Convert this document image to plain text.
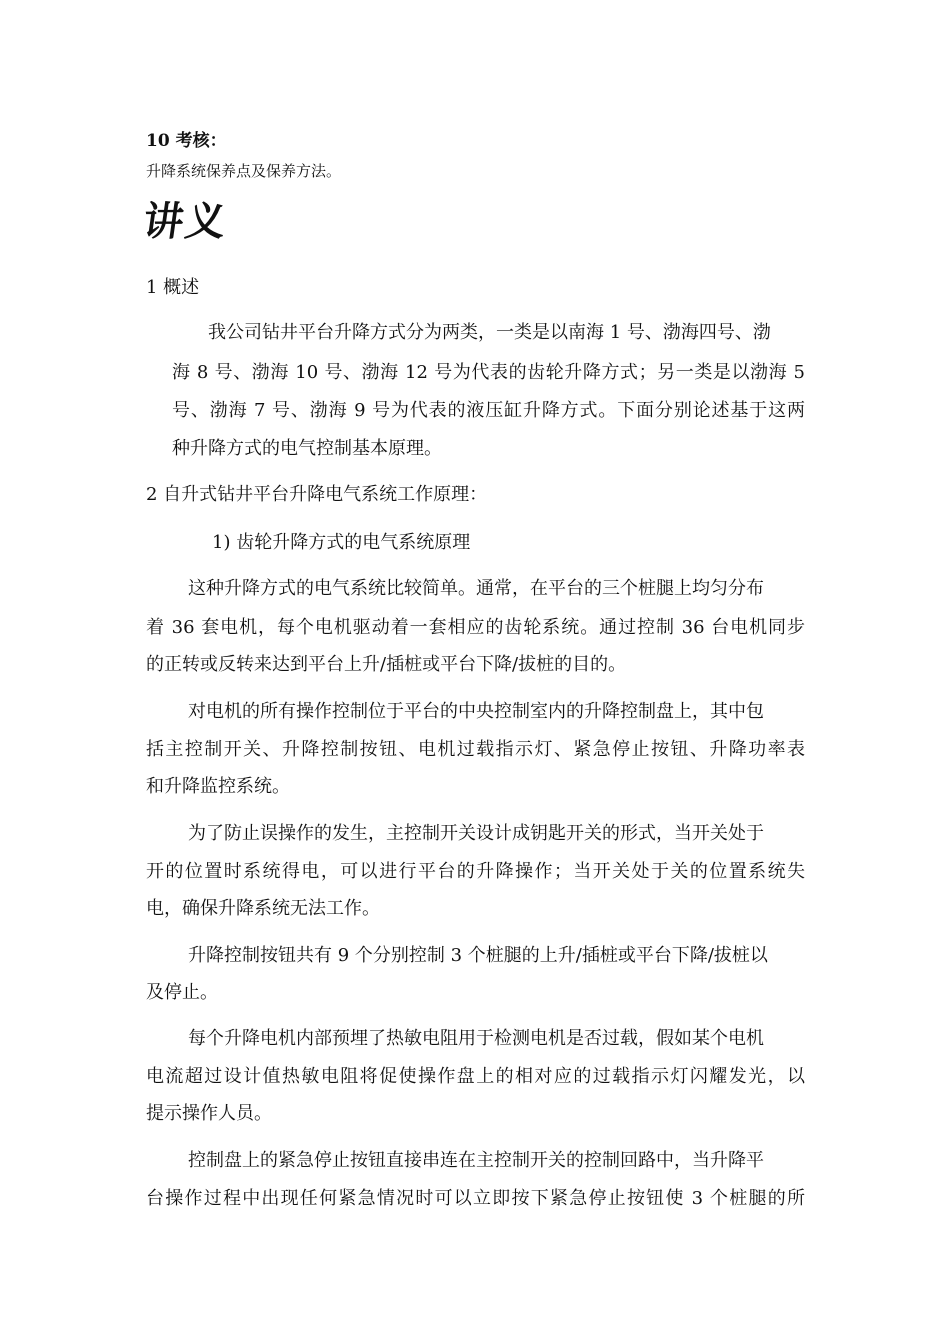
10 考核：
升降系统保养点及保养方法。
讲义
1 概述
我公司钻井平台升降方式分为两类，一类是以南海 1 号、渤海四号、渤
海 8 号、渤海 10 号、渤海 12 号为代表的齿轮升降方式；另一类是以渤海 5
号、渤海 7 号、渤海 9 号为代表的液压缸升降方式。下面分别论述基于这两
种升降方式的电气控制基本原理。
2 自升式钻井平台升降电气系统工作原理：
1) 齿轮升降方式的电气系统原理
这种升降方式的电气系统比较简单。通常，在平台的三个桩腿上均匀分布
着 36 套电机，每个电机驱动着一套相应的齿轮系统。通过控制 36 台电机同步
的正转或反转来达到平台上升/插桩或平台下降/拔桩的目的。
对电机的所有操作控制位于平台的中央控制室内的升降控制盘上，其中包
括主控制开关、升降控制按钮、电机过载指示灯、紧急停止按钮、升降功率表
和升降监控系统。
为了防止误操作的发生，主控制开关设计成钥匙开关的形式，当开关处于
开的位置时系统得电，可以进行平台的升降操作；当开关处于关的位置系统失
电，确保升降系统无法工作。
升降控制按钮共有 9 个分别控制 3 个桩腿的上升/插桩或平台下降/拔桩以
及停止。
每个升降电机内部预埋了热敏电阻用于检测电机是否过载，假如某个电机
电流超过设计值热敏电阻将促使操作盘上的相对应的过载指示灯闪耀发光，以
提示操作人员。
控制盘上的紧急停止按钮直接串连在主控制开关的控制回路中，当升降平
台操作过程中出现任何紧急情况时可以立即按下紧急停止按钮使 3 个桩腿的所
